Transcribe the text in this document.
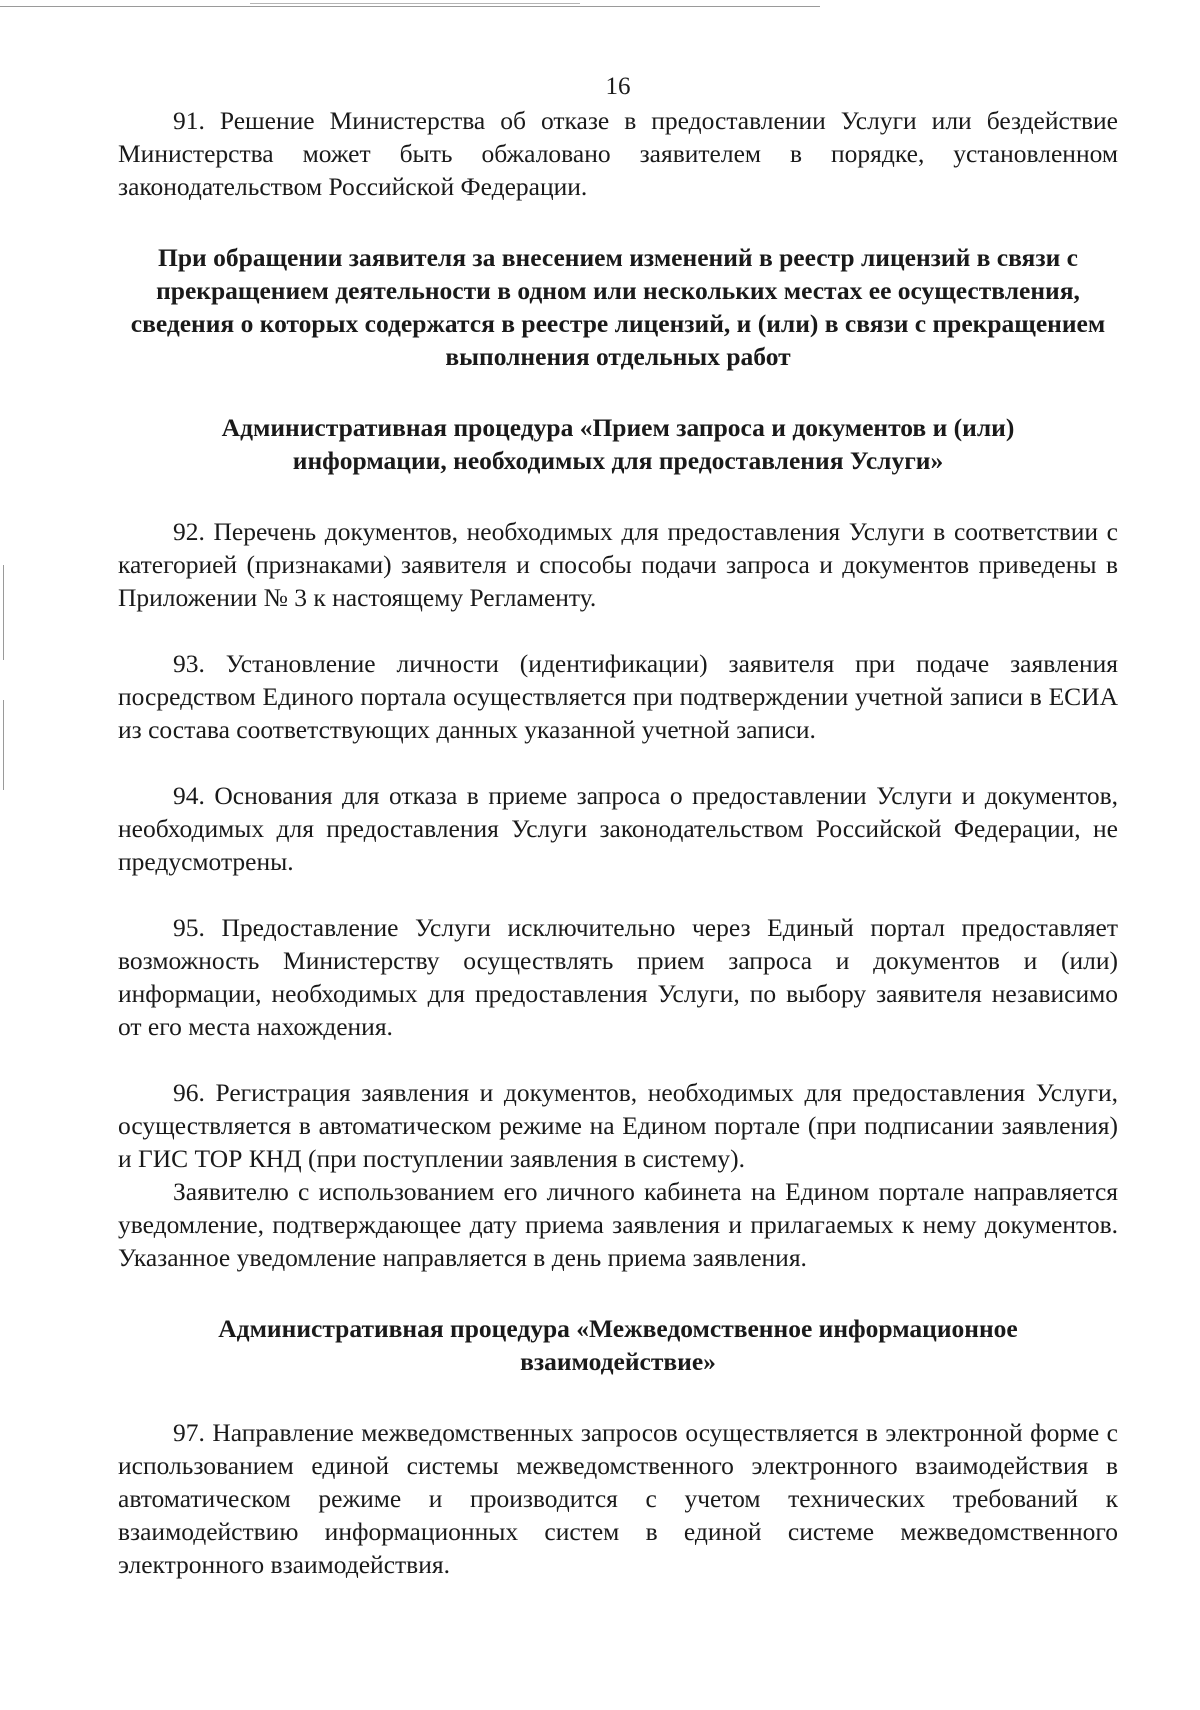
16

91. Решение Министерства об отказе в предоставлении Услуги или бездействие Министерства может быть обжаловано заявителем в порядке, установленном законодательством Российской Федерации.

При обращении заявителя за внесением изменений в реестр лицензий в связи с прекращением деятельности в одном или нескольких местах ее осуществления, сведения о которых содержатся в реестре лицензий, и (или) в связи с прекращением выполнения отдельных работ
Административная процедура «Прием запроса и документов и (или) информации, необходимых для предоставления Услуги»

92. Перечень документов, необходимых для предоставления Услуги в соответствии с категорией (признаками) заявителя и способы подачи запроса и документов приведены в Приложении № 3 к настоящему Регламенту.

93. Установление личности (идентификации) заявителя при подаче заявления посредством Единого портала осуществляется при подтверждении учетной записи в ЕСИА из состава соответствующих данных указанной учетной записи.

94. Основания для отказа в приеме запроса о предоставлении Услуги и документов, необходимых для предоставления Услуги законодательством Российской Федерации, не предусмотрены.

95. Предоставление Услуги исключительно через Единый портал предоставляет возможность Министерству осуществлять прием запроса и документов и (или) информации, необходимых для предоставления Услуги, по выбору заявителя независимо от его места нахождения.

96. Регистрация заявления и документов, необходимых для предоставления Услуги, осуществляется в автоматическом режиме на Едином портале (при подписании заявления) и ГИС ТОР КНД (при поступлении заявления в систему).

Заявителю с использованием его личного кабинета на Едином портале направляется уведомление, подтверждающее дату приема заявления и прилагаемых к нему документов. Указанное уведомление направляется в день приема заявления.

Административная процедура «Межведомственное информационное взаимодействие»

97. Направление межведомственных запросов осуществляется в электронной форме с использованием единой системы межведомственного электронного взаимодействия в автоматическом режиме и производится с учетом технических требований к взаимодействию информационных систем в единой системе межведомственного электронного взаимодействия.
